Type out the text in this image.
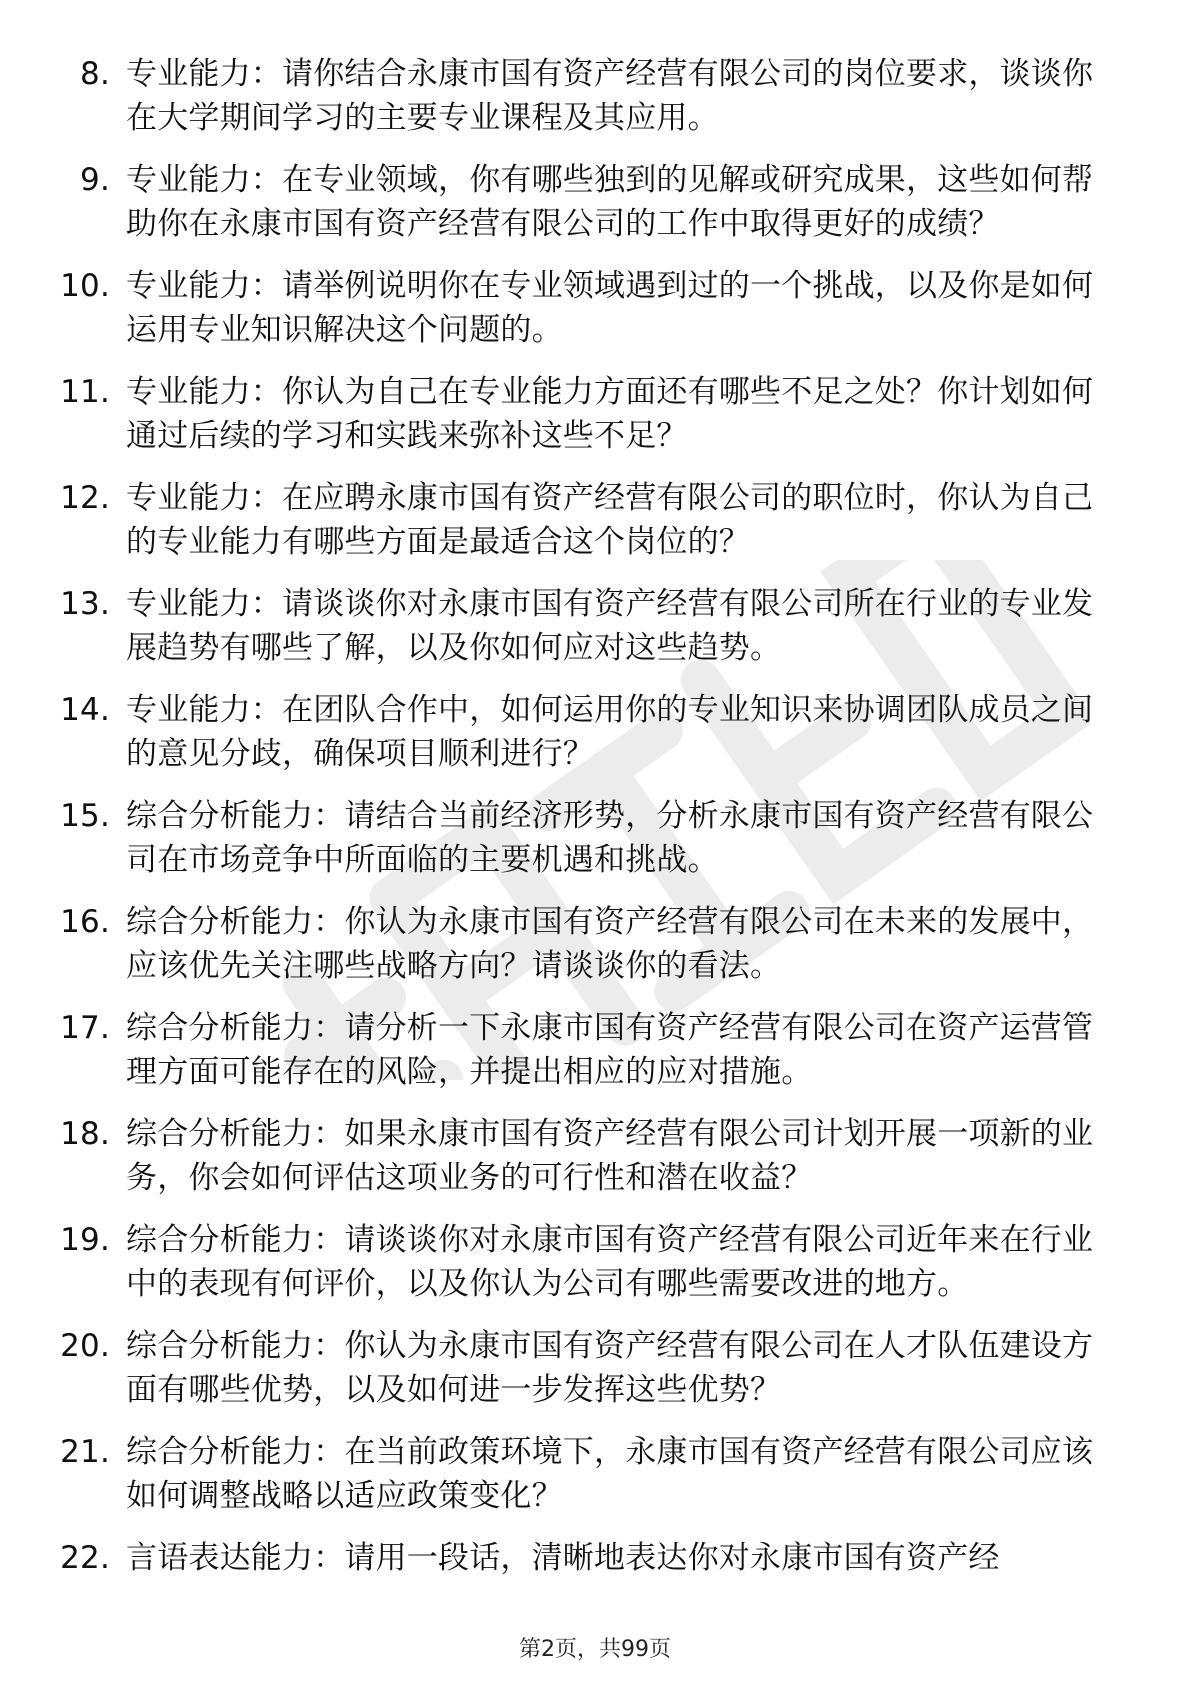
8. 专业能力：请你结合永康市国有资产经营有限公司的岗位要求，谈谈你在大学期间学习的主要专业课程及其应用。
9. 专业能力：在专业领域，你有哪些独到的见解或研究成果，这些如何帮助你在永康市国有资产经营有限公司的工作中取得更好的成绩？
10. 专业能力：请举例说明你在专业领域遇到过的一个挑战，以及你是如何运用专业知识解决这个问题的。
11. 专业能力：你认为自己在专业能力方面还有哪些不足之处？你计划如何通过后续的学习和实践来弥补这些不足？
12. 专业能力：在应聘永康市国有资产经营有限公司的职位时，你认为自己的专业能力有哪些方面是最适合这个岗位的？
13. 专业能力：请谈谈你对永康市国有资产经营有限公司所在行业的专业发展趋势有哪些了解，以及你如何应对这些趋势。
14. 专业能力：在团队合作中，如何运用你的专业知识来协调团队成员之间的意见分歧，确保项目顺利进行？
15. 综合分析能力：请结合当前经济形势，分析永康市国有资产经营有限公司在市场竞争中所面临的主要机遇和挑战。
16. 综合分析能力：你认为永康市国有资产经营有限公司在未来的发展中，应该优先关注哪些战略方向？请谈谈你的看法。
17. 综合分析能力：请分析一下永康市国有资产经营有限公司在资产运营管理方面可能存在的风险，并提出相应的应对措施。
18. 综合分析能力：如果永康市国有资产经营有限公司计划开展一项新的业务，你会如何评估这项业务的可行性和潜在收益？
19. 综合分析能力：请谈谈你对永康市国有资产经营有限公司近年来在行业中的表现有何评价，以及你认为公司有哪些需要改进的地方。
20. 综合分析能力：你认为永康市国有资产经营有限公司在人才队伍建设方面有哪些优势，以及如何进一步发挥这些优势？
21. 综合分析能力：在当前政策环境下，永康市国有资产经营有限公司应该如何调整战略以适应政策变化？
22. 言语表达能力：请用一段话，清晰地表达你对永康市国有资产经
第2页，共99页
